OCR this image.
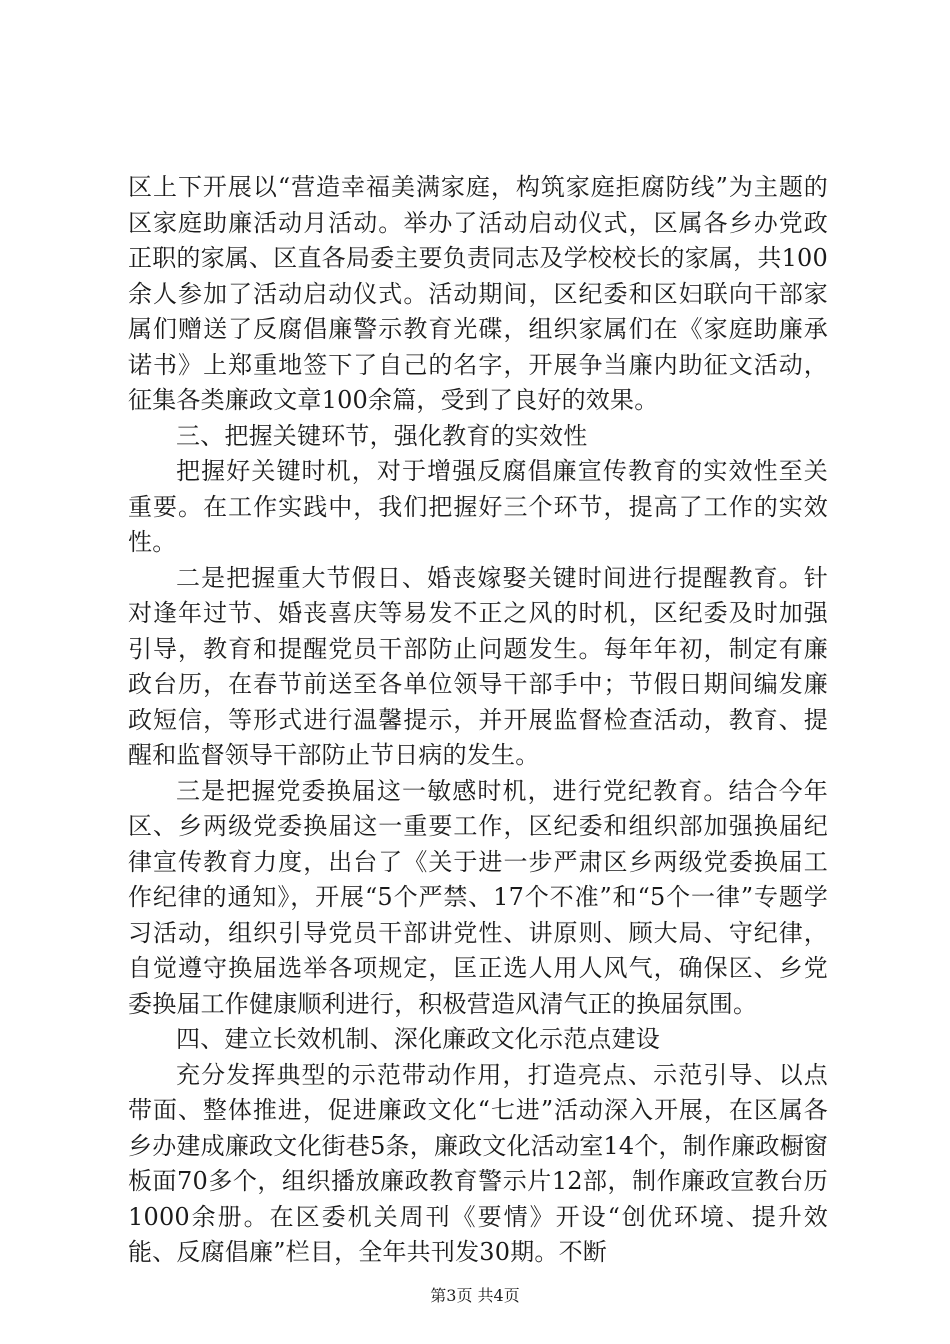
区上下开展以“营造幸福美满家庭，构筑家庭拒腐防线”为主题的区家庭助廉活动月活动。举办了活动启动仪式，区属各乡办党政正职的家属、区直各局委主要负责同志及学校校长的家属，共100余人参加了活动启动仪式。活动期间，区纪委和区妇联向干部家属们赠送了反腐倡廉警示教育光碟，组织家属们在《家庭助廉承诺书》上郑重地签下了自己的名字，开展争当廉内助征文活动，征集各类廉政文章100余篇，受到了良好的效果。

三、把握关键环节，强化教育的实效性

把握好关键时机，对于增强反腐倡廉宣传教育的实效性至关重要。在工作实践中，我们把握好三个环节，提高了工作的实效性。

二是把握重大节假日、婚丧嫁娶关键时间进行提醒教育。针对逢年过节、婚丧喜庆等易发不正之风的时机，区纪委及时加强引导，教育和提醒党员干部防止问题发生。每年年初，制定有廉政台历，在春节前送至各单位领导干部手中；节假日期间编发廉政短信，等形式进行温馨提示，并开展监督检查活动，教育、提醒和监督领导干部防止节日病的发生。

三是把握党委换届这一敏感时机，进行党纪教育。结合今年区、乡两级党委换届这一重要工作，区纪委和组织部加强换届纪律宣传教育力度，出台了《关于进一步严肃区乡两级党委换届工作纪律的通知》，开展“5个严禁、17个不准”和“5个一律”专题学习活动，组织引导党员干部讲党性、讲原则、顾大局、守纪律，自觉遵守换届选举各项规定，匡正选人用人风气，确保区、乡党委换届工作健康顺利进行，积极营造风清气正的换届氛围。

四、建立长效机制、深化廉政文化示范点建设

充分发挥典型的示范带动作用，打造亮点、示范引导、以点带面、整体推进，促进廉政文化“七进”活动深入开展，在区属各乡办建成廉政文化街巷5条，廉政文化活动室14个，制作廉政橱窗板面70多个，组织播放廉政教育警示片12部，制作廉政宣教台历1000余册。在区委机关周刊《要情》开设“创优环境、提升效能、反腐倡廉”栏目，全年共刊发30期。不断

第3页 共4页
